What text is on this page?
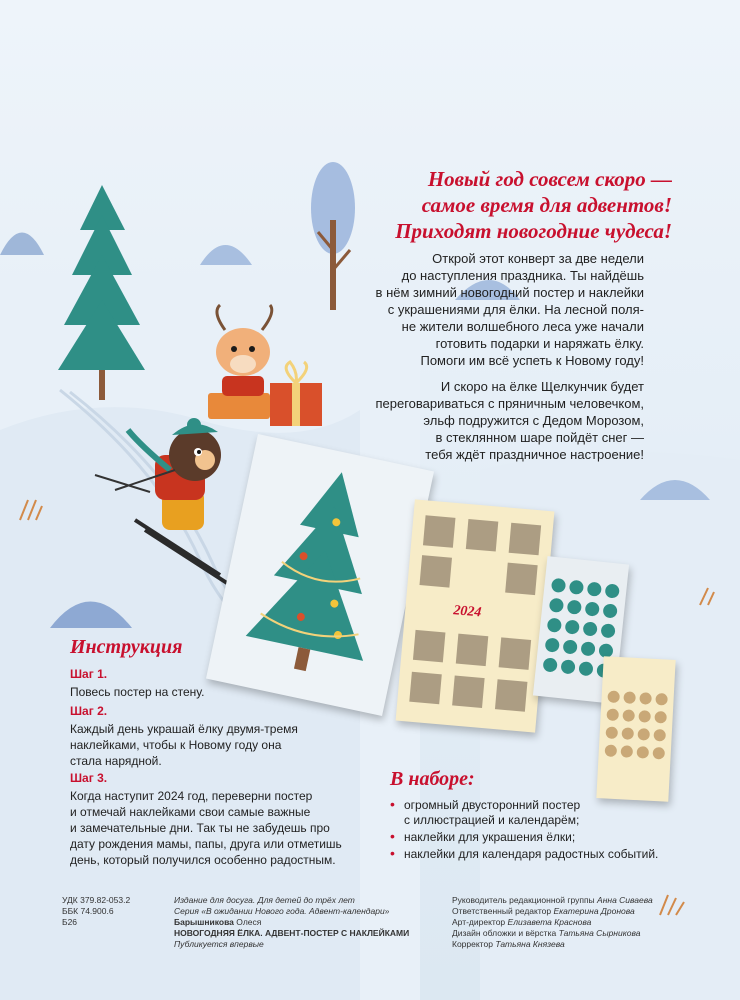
2024
Новый год совсем скоро —
самое время для адвентов!
Приходят новогодние чудеса!

Открой этот конверт за две недели
до наступления праздника. Ты найдёшь
в нём зимний новогодний постер и наклейки
с украшениями для ёлки. На лесной поля-
не жители волшебного леса уже начали
готовить подарки и наряжать ёлку.
Помоги им всё успеть к Новому году!

И скоро на ёлке Щелкунчик будет
переговариваться с пряничным человечком,
эльф подружится с Дедом Морозом,
в стеклянном шаре пойдёт снег —
тебя ждёт праздничное настроение!

Инструкция
Шаг 1.
Повесь постер на стену.
Шаг 2.
Каждый день украшай ёлку двумя-тремя
наклейками, чтобы к Новому году она
стала нарядной.
Шаг 3.
Когда наступит 2024 год, переверни постер
и отмечай наклейками свои самые важные
и замечательные дни. Так ты не забудешь про
дату рождения мамы, папы, друга или отметишь
день, который получился особенно радостным.
В наборе:
• огромный двусторонний постер
с иллюстрацией и календарём;
• наклейки для украшения ёлки;
• наклейки для календаря радостных событий.
УДК 379.82-053.2
ББК 74.900.6
Б26
Издание для досуга. Для детей до трёх лет
Серия «В ожидании Нового года. Адвент-календари»
Барышникова Олеся
НОВОГОДНЯЯ ЁЛКА. АДВЕНТ-ПОСТЕР С НАКЛЕЙКАМИ
Публикуется впервые
Руководитель редакционной группы Анна Сиваева
Ответственный редактор Екатерина Дронова
Арт-директор Елизавета Краснова
Дизайн обложки и вёрстка Татьяна Сырникова
Корректор Татьяна Князева
